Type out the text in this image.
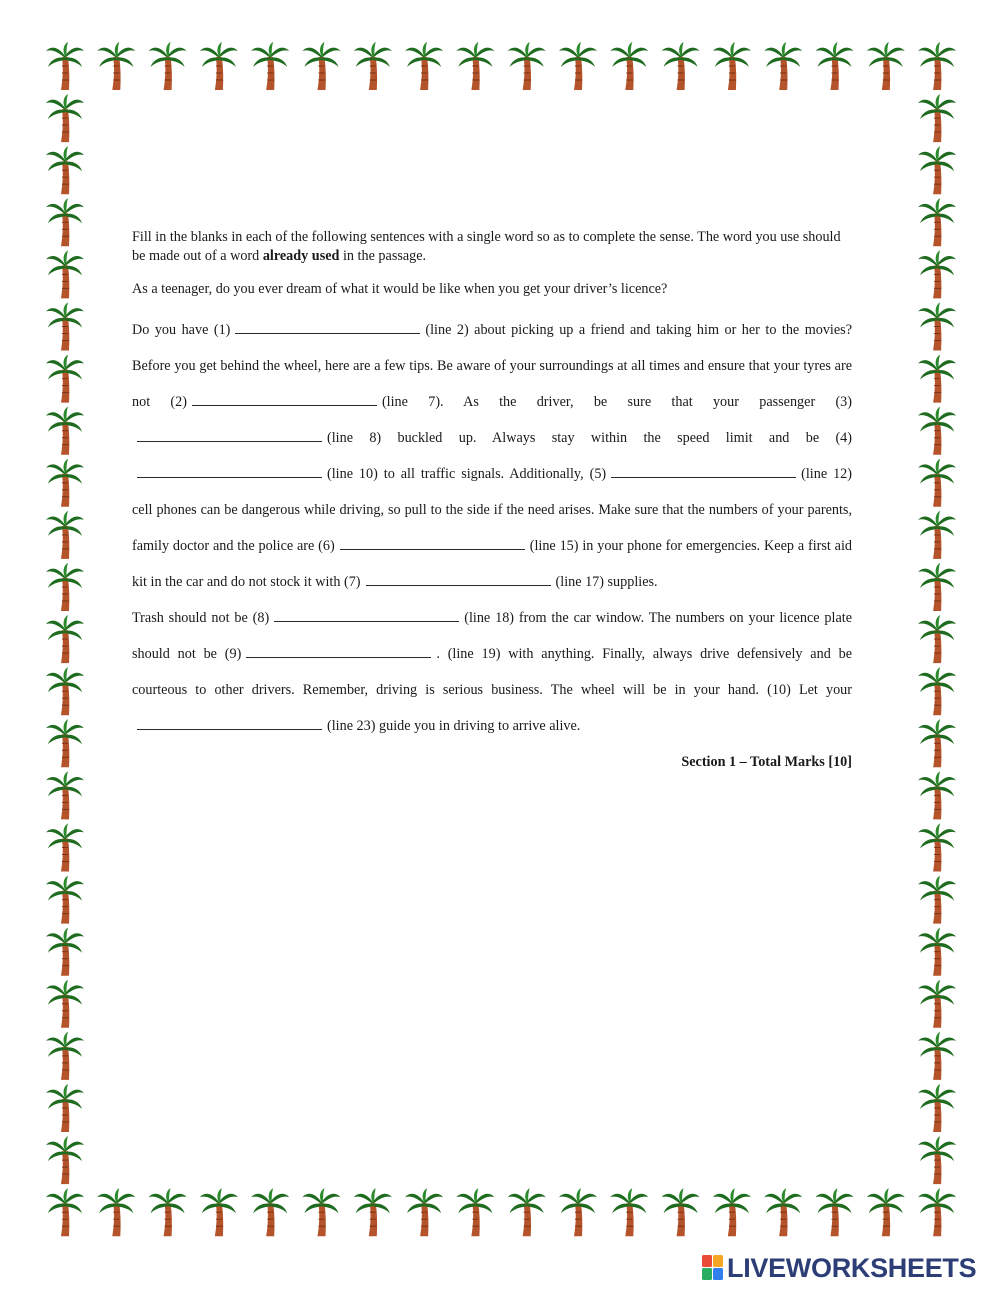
Fill in the blanks in each of the following sentences with a single word so as to complete the sense. The word you use should be made out of a word already used in the passage.

As a teenager, do you ever dream of what it would be like when you get your driver’s licence?

Do you have (1)	(line 2) about picking up a friend and taking him or her to the movies? Before you get behind the wheel, here are a few tips. Be aware of your surroundings at all times and ensure that your tyres are not (2)	(line 7). As the driver, be sure that your passenger (3)(line 8) buckled up. Always stay within the speed limit and be (4)(line 10) to all traffic signals. Additionally, (5)	(line 12) cell phones can be dangerous while driving, so pull to the side if the need arises. Make sure that the numbers of your parents, family doctor and the police are (6)	(line 15) in your phone for emergencies. Keep a first aid kit in the car and do not stock it with (7)	(line 17) supplies.

Trash should not be (8)	(line 18) from the car window. The numbers on your licence plate should not be (9)	. (line 19) with anything. Finally, always drive defensively and be courteous to other drivers. Remember, driving is serious business. The wheel will be in your hand. (10) Let your(line 23) guide you in driving to arrive alive.

Section 1 – Total Marks [10]

LIVEWORKSHEETS
